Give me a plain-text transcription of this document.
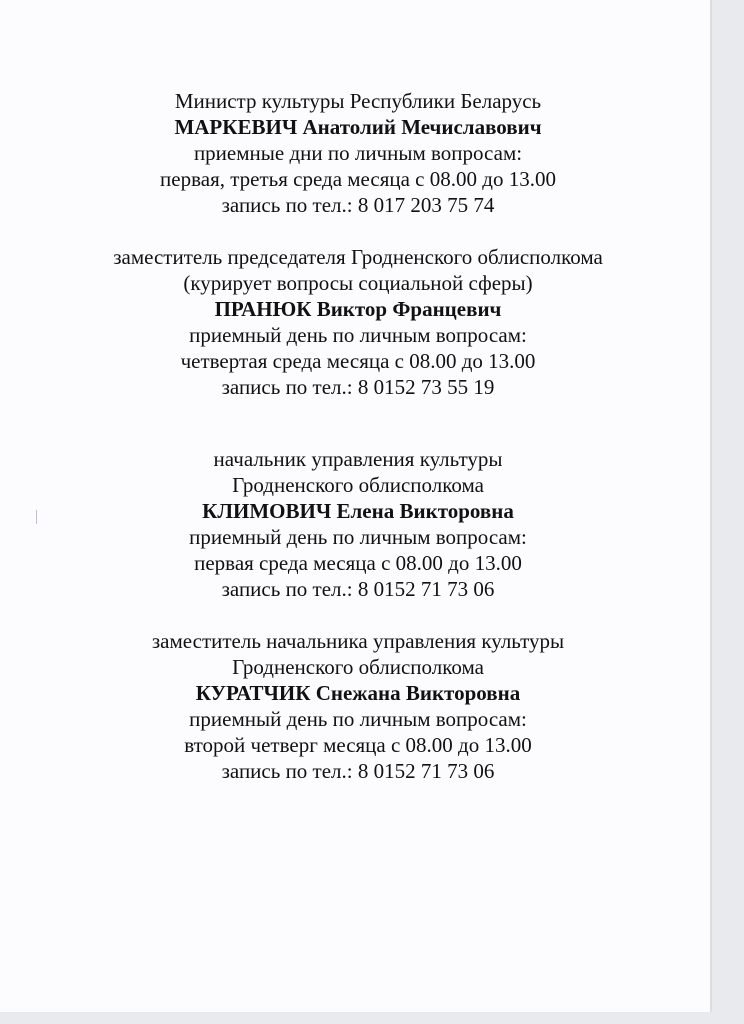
Министр культуры Республики Беларусь
МАРКЕВИЧ Анатолий Мечиславович
приемные дни по личным вопросам:
первая, третья среда месяца с 08.00 до 13.00
запись по тел.: 8 017 203 75 74
заместитель председателя Гродненского облисполкома
(курирует вопросы социальной сферы)
ПРАНЮК Виктор Францевич
приемный день по личным вопросам:
четвертая среда месяца с 08.00 до 13.00
запись по тел.: 8 0152 73 55 19
начальник управления культуры
Гродненского облисполкома
КЛИМОВИЧ Елена Викторовна
приемный день по личным вопросам:
первая среда месяца с 08.00 до 13.00
запись по тел.: 8 0152 71 73 06
заместитель начальника управления культуры
Гродненского облисполкома
КУРАТЧИК Снежана Викторовна
приемный день по личным вопросам:
второй четверг месяца с 08.00 до 13.00
запись по тел.: 8 0152 71 73 06
